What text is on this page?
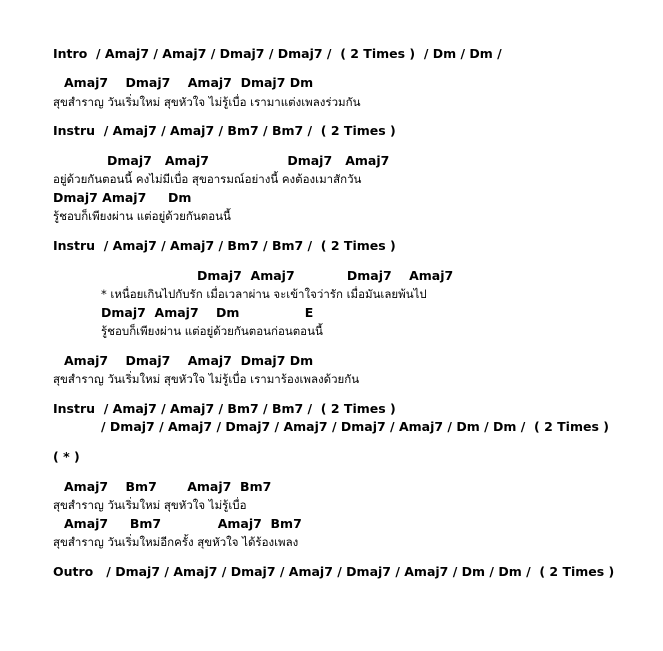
Intro  / Amaj7 / Amaj7 / Dmaj7 / Dmaj7 /  ( 2 Times )  / Dm / Dm /
Amaj7    Dmaj7    Amaj7  Dmaj7 Dm
สุขสำราญ วันเริ่มใหม่ สุขหัวใจ ไม่รู้เบื่อ เรามาแต่งเพลงร่วมกัน
Instru  / Amaj7 / Amaj7 / Bm7 / Bm7 /  ( 2 Times )
Dmaj7   Amaj7                  Dmaj7   Amaj7
อยู่ด้วยกันตอนนี้ คงไม่มีเบื่อ สุขอารมณ์อย่างนี้ คงต้องเมาสักวัน
Dmaj7 Amaj7     Dm
รู้ชอบก็เพียงผ่าน แต่อยู่ด้วยกันตอนนี้
Instru  / Amaj7 / Amaj7 / Bm7 / Bm7 /  ( 2 Times )
Dmaj7  Amaj7            Dmaj7    Amaj7
* เหนื่อยเกินไปกับรัก เมื่อเวลาผ่าน จะเข้าใจว่ารัก เมื่อมันเลยพ้นไป
Dmaj7  Amaj7    Dm               E
รู้ชอบก็เพียงผ่าน แต่อยู่ด้วยกันตอนก่อนตอนนี้
Amaj7    Dmaj7    Amaj7  Dmaj7 Dm
สุขสำราญ วันเริ่มใหม่ สุขหัวใจ ไม่รู้เบื่อ เรามาร้องเพลงด้วยกัน
Instru  / Amaj7 / Amaj7 / Bm7 / Bm7 /  ( 2 Times )
/ Dmaj7 / Amaj7 / Dmaj7 / Amaj7 / Dmaj7 / Amaj7 / Dm / Dm /  ( 2 Times )
( * )
Amaj7    Bm7       Amaj7  Bm7
สุขสำราญ วันเริ่มใหม่ สุขหัวใจ ไม่รู้เบื่อ
Amaj7     Bm7             Amaj7  Bm7
สุขสำราญ วันเริ่มใหม่อีกครั้ง สุขหัวใจ ได้ร้องเพลง
Outro   / Dmaj7 / Amaj7 / Dmaj7 / Amaj7 / Dmaj7 / Amaj7 / Dm / Dm /  ( 2 Times )
